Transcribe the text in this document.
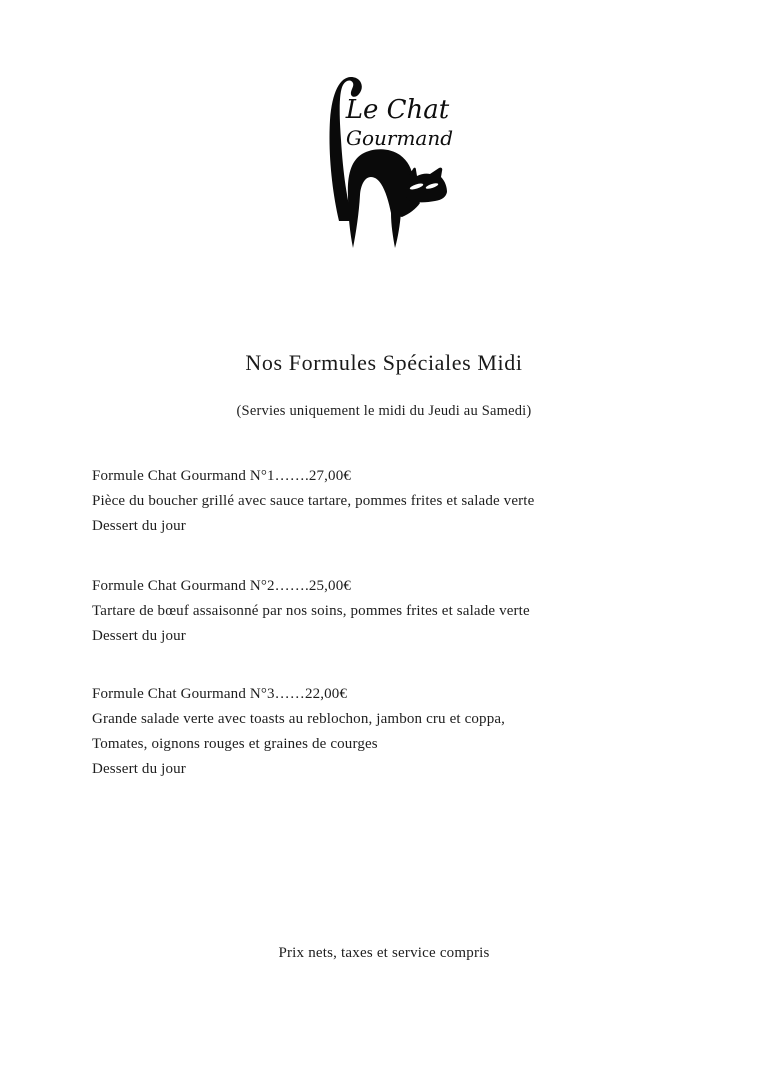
Le Chat
Gourmand
Nos Formules Spéciales Midi
(Servies uniquement le midi du Jeudi au Samedi)
Formule Chat Gourmand N°1…….27,00€
Pièce du boucher grillé avec sauce tartare, pommes frites et salade verte
Dessert du jour
Formule Chat Gourmand N°2…….25,00€
Tartare de bœuf assaisonné par nos soins, pommes frites et salade verte
Dessert du jour
Formule Chat Gourmand N°3……22,00€
Grande salade verte avec toasts au reblochon, jambon cru et coppa,
Tomates, oignons rouges et graines de courges
Dessert du jour
Prix nets, taxes et service compris
